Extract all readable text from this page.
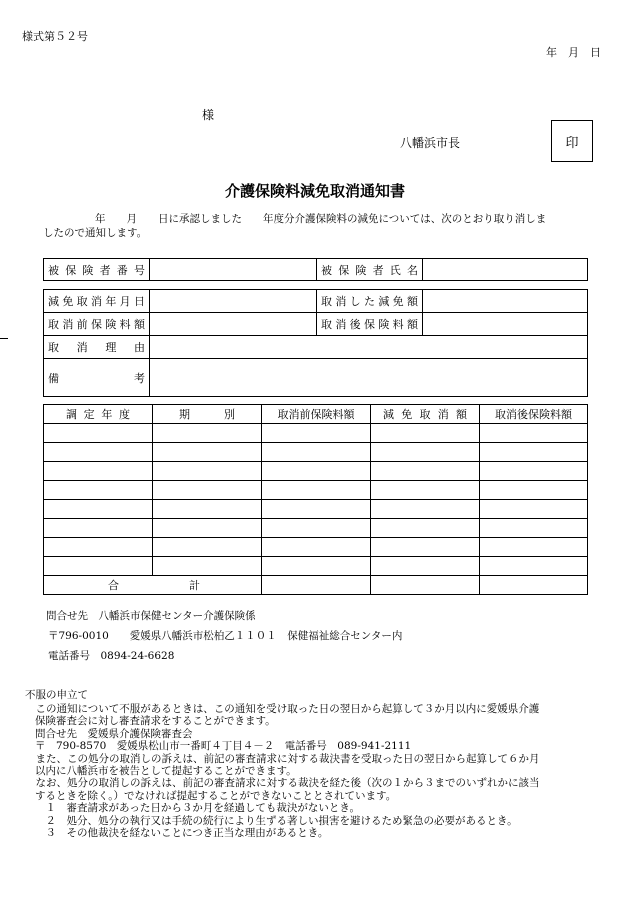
様式第５２号
年　月　日
様
八幡浜市長	印
介護保険料減免取消通知書
年　　月　　日に承認しました　　年度分介護保険料の減免については、次のとおり取り消しま
したので通知します。
被保険者番号		被保険者氏名

減免取消年月日		取消した減免額	

取消前保険料額		取消後保険料額	

取消理由			

備考			

調定年度	期別	取消前保険料額	減免取消額	取消後保険料額

合 計				
問合せ先　八幡浜市保健センター介護保険係
〒796-0010　　愛媛県八幡浜市松柏乙１１０１　保健福祉総合センター内
電話番号　0894-24-6628
不服の申立て
　この通知について不服があるときは、この通知を受け取った日の翌日から起算して３か月以内に愛媛県介護
保険審査会に対し審査請求をすることができます。
問合せ先　愛媛県介護保険審査会
〒　790-8570　愛媛県松山市一番町４丁目４－２　電話番号　089-941-2111
　また、この処分の取消しの訴えは、前記の審査請求に対する裁決書を受取った日の翌日から起算して６か月
以内に八幡浜市を被告として提起することができます。
　なお、処分の取消しの訴えは、前記の審査請求に対する裁決を経た後（次の１から３までのいずれかに該当
するときを除く。）でなければ提起することができないこととされています。
　１　審査請求があった日から３か月を経過しても裁決がないとき。
　２　処分、処分の執行又は手続の続行により生ずる著しい損害を避けるため緊急の必要があるとき。
　３　その他裁決を経ないことにつき正当な理由があるとき。
